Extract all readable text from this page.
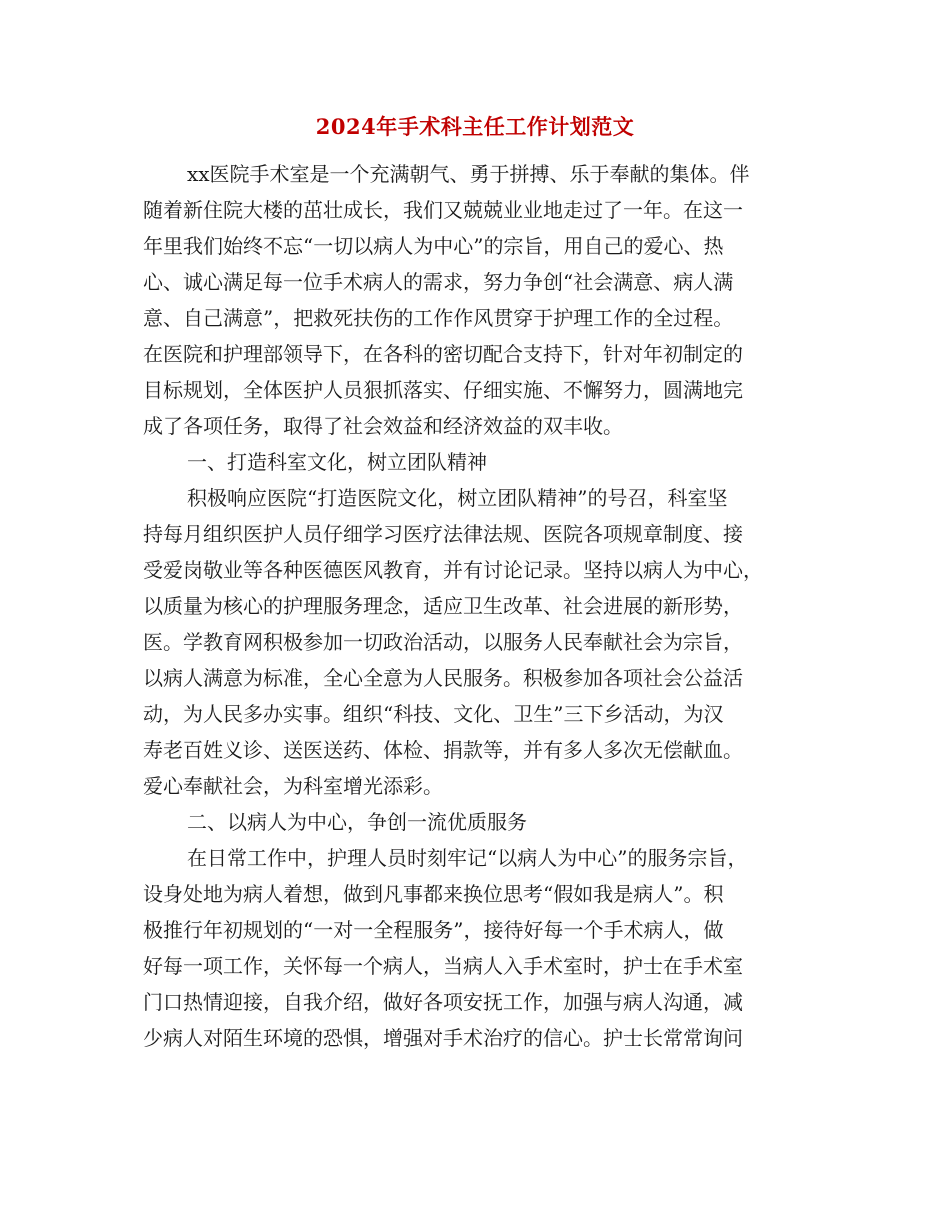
2024年手术科主任工作计划范文
xx医院手术室是一个充满朝气、勇于拼搏、乐于奉献的集体。伴
随着新住院大楼的茁壮成长，我们又兢兢业业地走过了一年。在这一
年里我们始终不忘“一切以病人为中心”的宗旨，用自己的爱心、热
心、诚心满足每一位手术病人的需求，努力争创“社会满意、病人满
意、自己满意”，把救死扶伤的工作作风贯穿于护理工作的全过程。
在医院和护理部领导下，在各科的密切配合支持下，针对年初制定的
目标规划，全体医护人员狠抓落实、仔细实施、不懈努力，圆满地完
成了各项任务，取得了社会效益和经济效益的双丰收。
一、打造科室文化，树立团队精神
积极响应医院“打造医院文化，树立团队精神”的号召，科室坚
持每月组织医护人员仔细学习医疗法律法规、医院各项规章制度、接
受爱岗敬业等各种医德医风教育，并有讨论记录。坚持以病人为中心，
以质量为核心的护理服务理念，适应卫生改革、社会进展的新形势，
医。学教育网积极参加一切政治活动，以服务人民奉献社会为宗旨，
以病人满意为标准，全心全意为人民服务。积极参加各项社会公益活
动，为人民多办实事。组织“科技、文化、卫生”三下乡活动，为汉
寿老百姓义诊、送医送药、体检、捐款等，并有多人多次无偿献血。
爱心奉献社会，为科室增光添彩。
二、以病人为中心，争创一流优质服务
在日常工作中，护理人员时刻牢记“以病人为中心”的服务宗旨，
设身处地为病人着想，做到凡事都来换位思考“假如我是病人”。积
极推行年初规划的“一对一全程服务”，接待好每一个手术病人，做
好每一项工作，关怀每一个病人，当病人入手术室时，护士在手术室
门口热情迎接，自我介绍，做好各项安抚工作，加强与病人沟通，减
少病人对陌生环境的恐惧，增强对手术治疗的信心。护士长常常询问
